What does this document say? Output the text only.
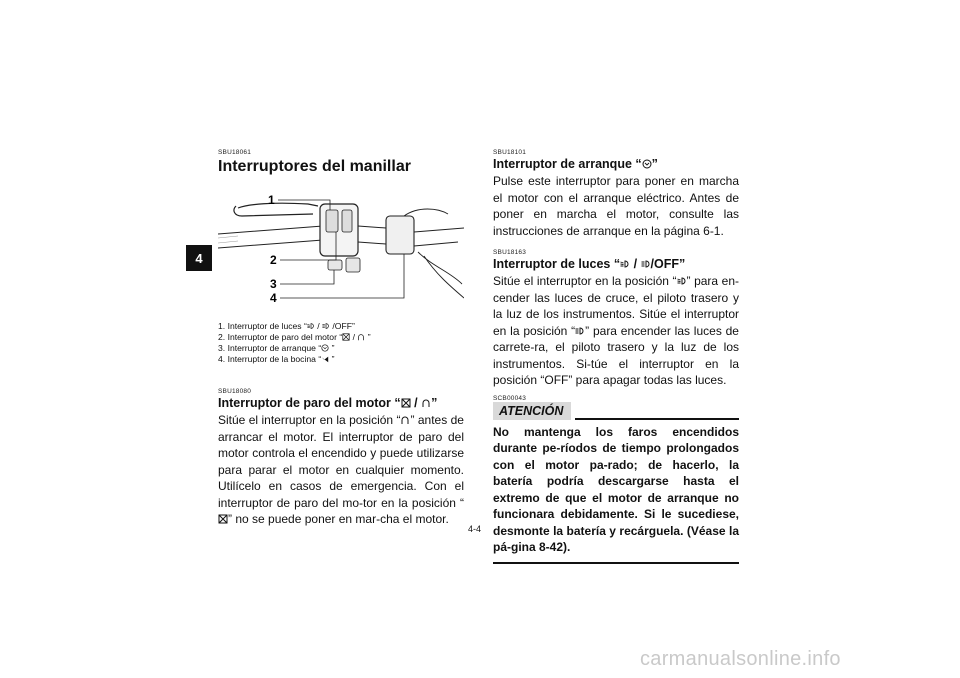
4
SBU18061
Interruptores del manillar
1
2
3
4
1. Interruptor de luces “ /  /OFF”
2. Interruptor de paro del motor “ /  ”
3. Interruptor de arranque “ ”
4. Interruptor de la bocina “ ”
SBU18080
Interruptor de paro del motor “ / ”
Sitúe el interruptor en la posición “ ” antes de arrancar el motor. El interruptor de paro del motor controla el encendido y puede utilizarse para parar el motor en cualquier momento. Utilícelo en casos de emergencia. Con el interruptor de paro del mo-tor en la posición “” no se puede poner en mar-cha el motor.
SBU18101
Interruptor de arranque “ ”
Pulse este interruptor para poner en marcha el motor con el arranque eléctrico. Antes de poner en marcha el motor, consulte las instrucciones de arranque en la página 6-1.
SBU18163
Interruptor de luces “ / /OFF”
Sitúe el interruptor en la posición “ ” para en-cender las luces de cruce, el piloto trasero y la luz de los instrumentos. Sitúe el interruptor en la posición “ ” para encender las luces de carrete-ra, el piloto trasero y la luz de los instrumentos. Si-túe el interruptor en la posición “OFF” para apagar todas las luces.
SCB00043
ATENCIÓN
No mantenga los faros encendidos durante pe-ríodos de tiempo prolongados con el motor pa-rado; de hacerlo, la batería podría descargarse hasta el extremo de que el motor de arranque no funcionara debidamente. Si le sucediese, desmonte la batería y recárguela. (Véase la pá-gina 8-42).
4-4
carmanualsonline.info
